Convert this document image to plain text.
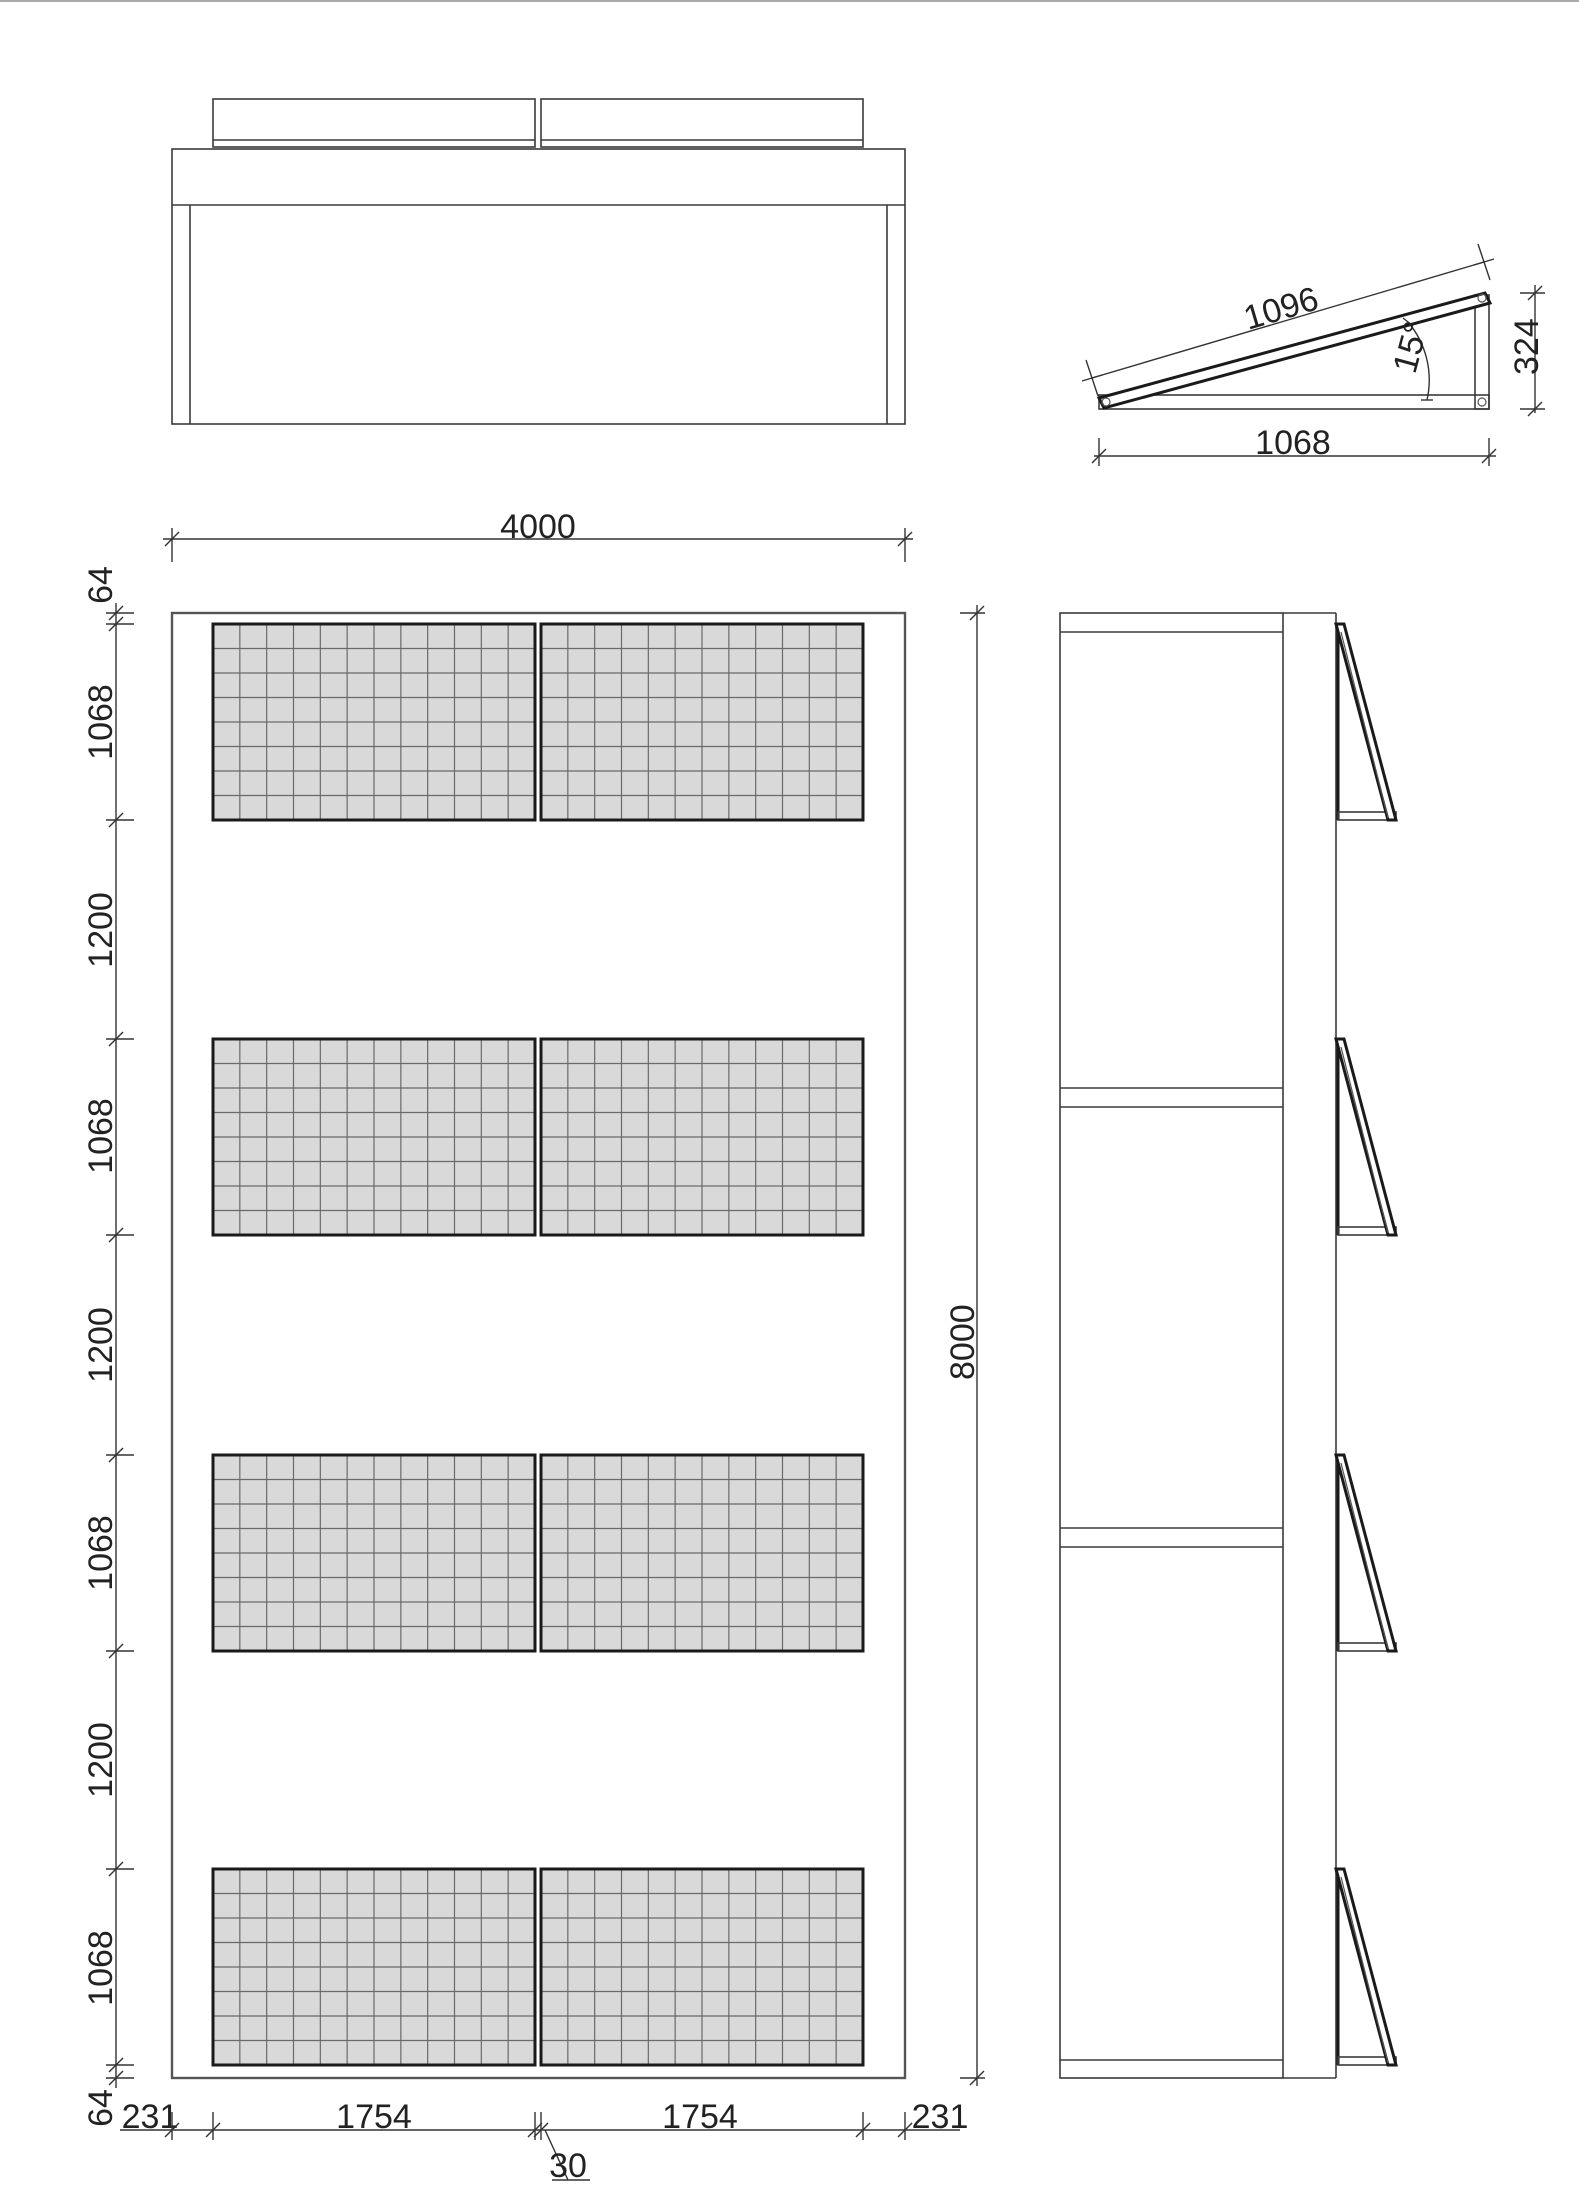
15°
1096
324
1068
4000
64
1068
1200
1068
1200
1068
1200
1068
64
8000
231	1754
30
1754	231
